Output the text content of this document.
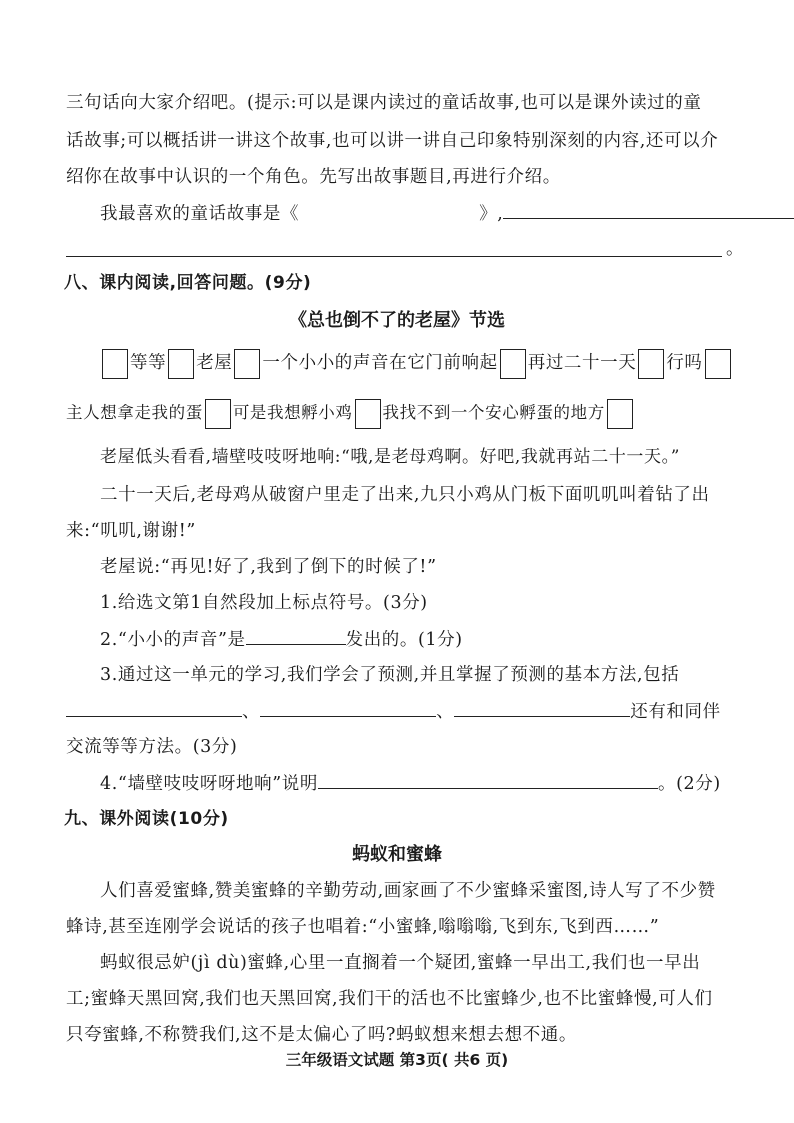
三句话向大家介绍吧。(提示:可以是课内读过的童话故事,也可以是课外读过的童
话故事;可以概括讲一讲这个故事,也可以讲一讲自己印象特别深刻的内容,还可以介
绍你在故事中认识的一个角色。先写出故事题目,再进行介绍。
我最喜欢的童话故事是《	》,
。
八、课内阅读,回答问题。(9分)
《总也倒不了的老屋》节选
等等 老屋 一个小小的声音在它门前响起 再过二十一天 行吗
主人想拿走我的蛋 可是我想孵小鸡 我找不到一个安心孵蛋的地方
老屋低头看看,墙壁吱吱呀地响:“哦,是老母鸡啊。好吧,我就再站二十一天。”
二十一天后,老母鸡从破窗户里走了出来,九只小鸡从门板下面叽叽叫着钻了出
来:“叽叽,谢谢!”
老屋说:“再见!好了,我到了倒下的时候了!”
1.给选文第1自然段加上标点符号。(3分)
2.“小小的声音”是	发出的。(1分)
3.通过这一单元的学习,我们学会了预测,并且掌握了预测的基本方法,包括
、	、	还有和同伴
交流等等方法。(3分)
4.“墙壁吱吱呀呀地响”说明	。(2分)
九、课外阅读(10分)
蚂蚁和蜜蜂
人们喜爱蜜蜂,赞美蜜蜂的辛勤劳动,画家画了不少蜜蜂采蜜图,诗人写了不少赞
蜂诗,甚至连刚学会说话的孩子也唱着:“小蜜蜂,嗡嗡嗡,飞到东,飞到西……”
蚂蚁很忌妒(jì dù)蜜蜂,心里一直搁着一个疑团,蜜蜂一早出工,我们也一早出
工;蜜蜂天黑回窝,我们也天黑回窝,我们干的活也不比蜜蜂少,也不比蜜蜂慢,可人们
只夸蜜蜂,不称赞我们,这不是太偏心了吗?蚂蚁想来想去想不通。
三年级语文试题 第3页( 共6 页)
